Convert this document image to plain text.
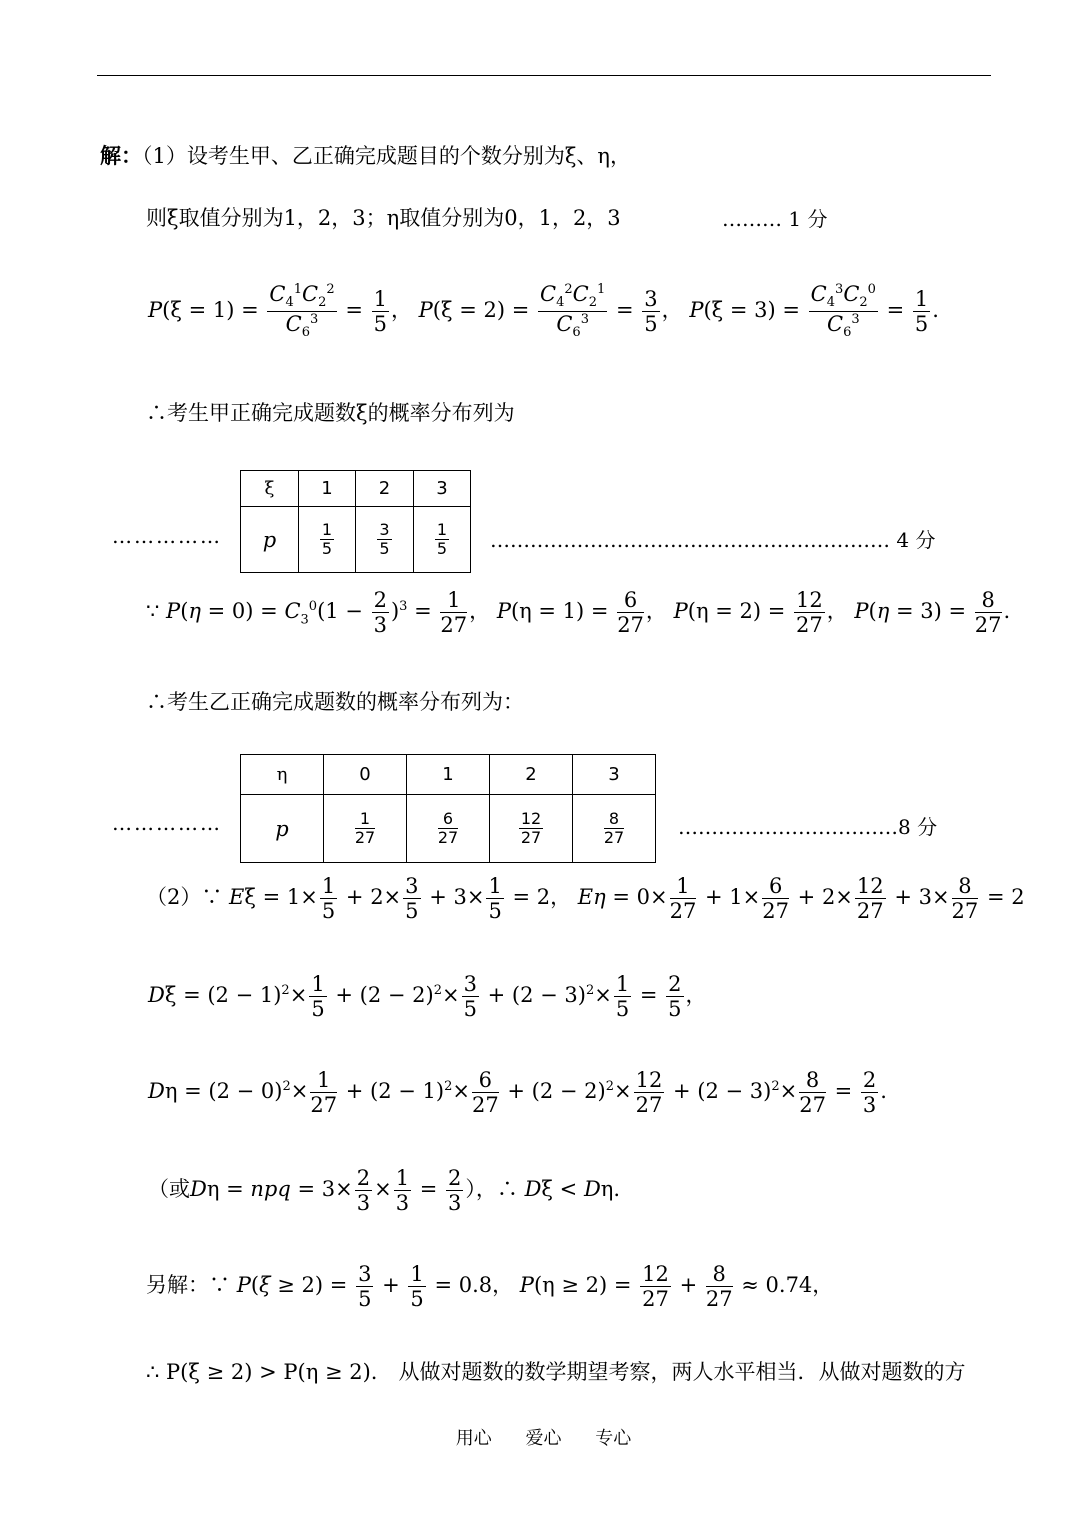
解：（1）设考生甲、乙正确完成题目的个数分别为ξ、η，
则ξ取值分别为1，2，3；η取值分别为0，1，2，3	……… 1 分
$P(\xi = 1) = \frac{C_4^1C_2^2}{C_6^3} = \frac{1}{5}$ ， $P(\xi = 2) = \frac{C_4^2C_2^1}{C_6^3} = \frac{3}{5}$ ， $P(\xi = 3) = \frac{C_4^3C_2^0}{C_6^3} = \frac{1}{5}$ .
∴考生甲正确完成题数ξ的概率分布列为
……………
ξ	1	2	3
p	$\frac{1}{5}$	$\frac{3}{5}$	$\frac{1}{5}$ …………………………………………………… 4 分
∵ $P(\eta = 0) = C_3^0(1 - \frac{2}{3} )^3 = \frac{1}{27}$ ， $P(\eta = 1) = \frac{6}{27}$ ， $P(\eta = 2) = \frac{12}{27}$ ， $P(\eta = 3) = \frac{8}{27}$ .
∴考生乙正确完成题数的概率分布列为：
……………
η	0	1	2	3
p	$\frac{1}{27}$	$\frac{6}{27}$	$\frac{12}{27}$	$\frac{8}{27}$	……………………………8 分
（2）∵ $E\xi = 1\times \frac{1}{5} + 2\times \frac{3}{5} + 3\times \frac{1}{5} = 2$， $E\eta = 0\times \frac{1}{27} + 1\times \frac{6}{27} + 2\times \frac{12}{27} + 3\times \frac{8}{27} = 2$
$D\xi = (2 - 1)^2\times \frac{1}{5} + (2 - 2)^2\times \frac{3}{5} + (2 - 3)^2\times \frac{1}{5} = \frac{2}{5}$ ，
$D\eta = (2 - 0)^2\times \frac{1}{27} + (2 - 1)^2\times \frac{6}{27} + (2 - 2)^2\times \frac{12}{27} + (2 - 3)^2\times \frac{8}{27} = \frac{2}{3}$ .
（或Dη = npq = $3\times \frac{2}{3} \times \frac{1}{3} = \frac{2}{3}$ ），∴ Dξ < Dη.
另解：∵ $P(\xi \ge 2) = \frac{3}{5} + \frac{1}{5} = 0.8$， $P(\eta \ge 2) = \frac{12}{27} + \frac{8}{27} \approx 0.74$，
∴ P(ξ ≥ 2) > P(η ≥ 2).　从做对题数的数学期望考察，两人水平相当．从做对题数的方
用心 爱心 专心
